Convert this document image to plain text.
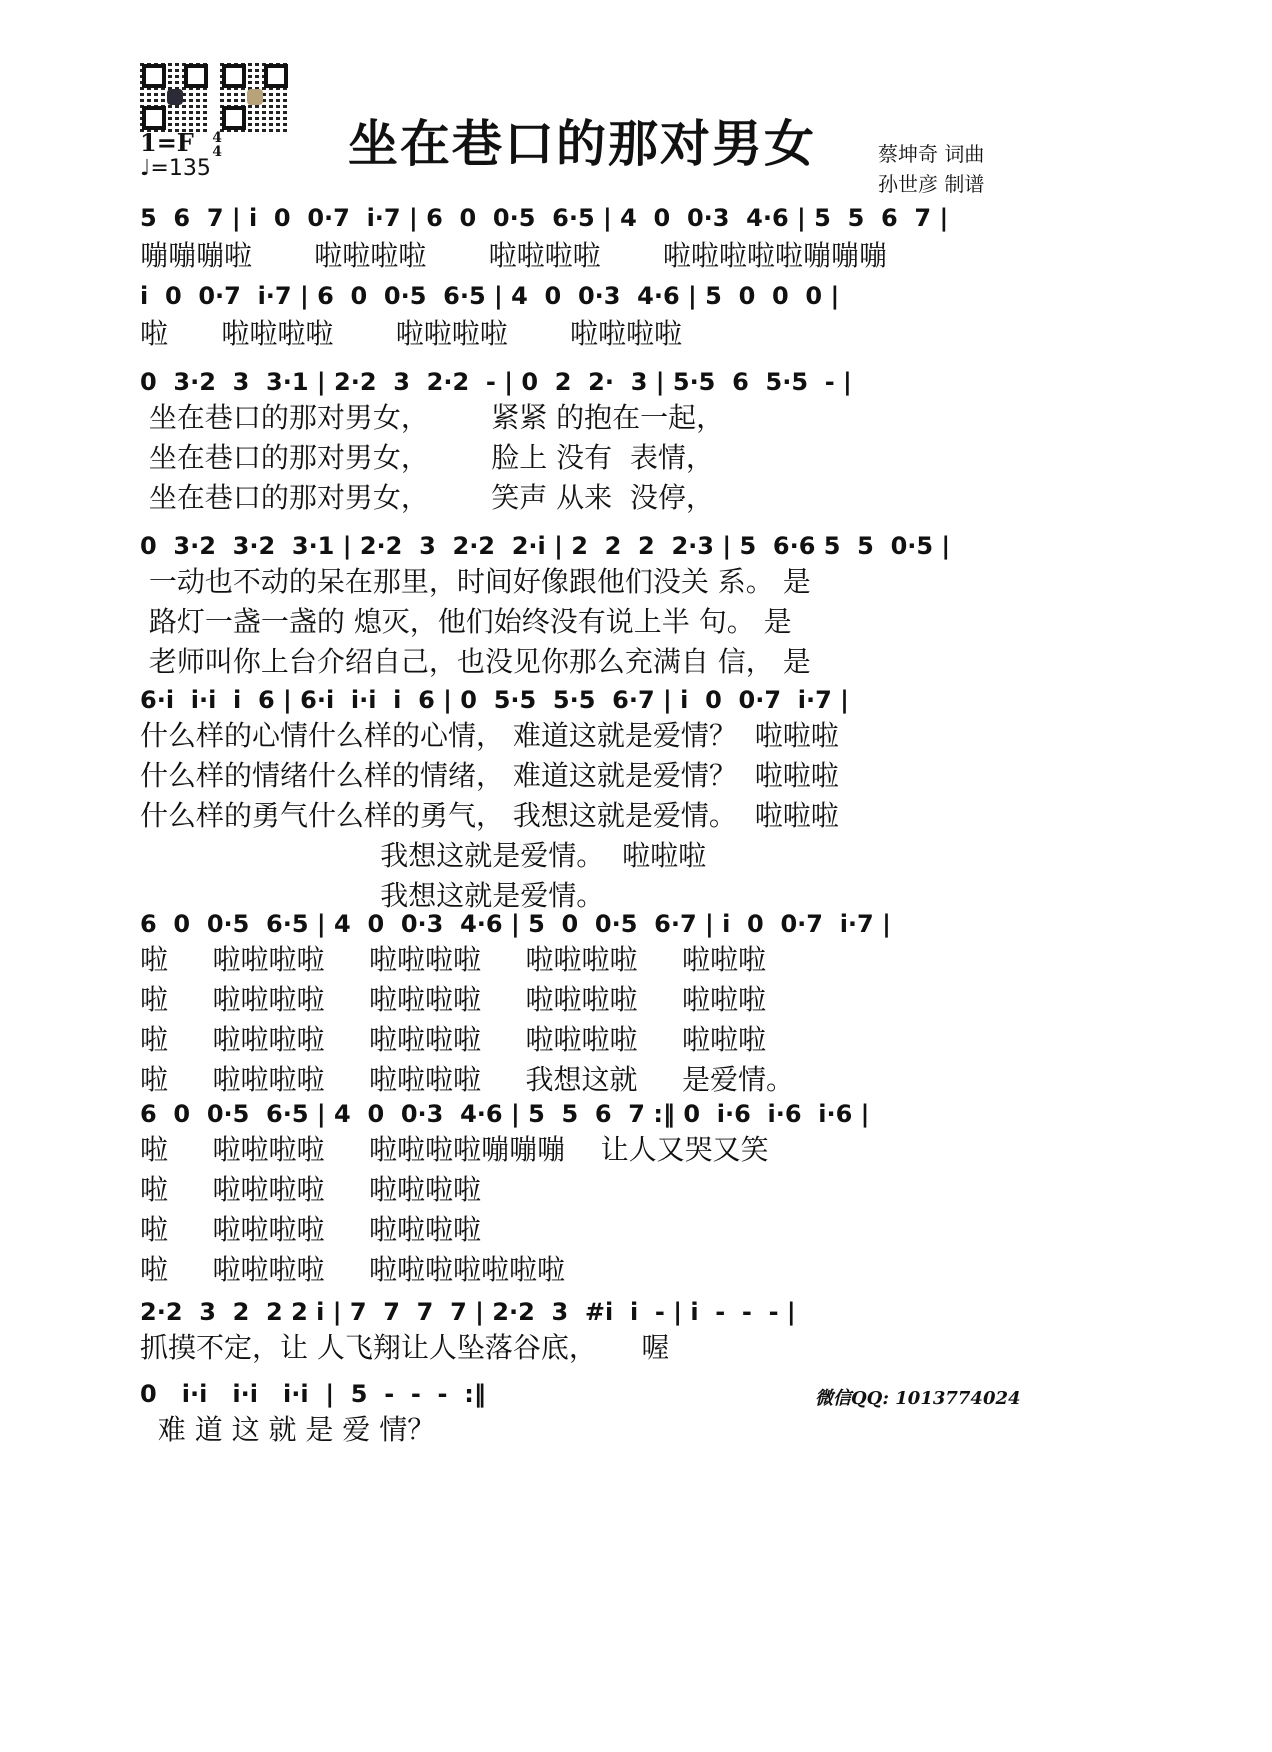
1=F 4
4
♩=135	坐在巷口的那对男女	蔡坤奇 词曲
孙世彦 制谱
5  6  7 | i  0  0·7  i·7 | 6  0  0·5  6·5 | 4  0  0·3  4·6 | 5  5  6  7 |
嘣嘣嘣啦       啦啦啦啦       啦啦啦啦       啦啦啦啦啦嘣嘣嘣
i  0  0·7  i·7 | 6  0  0·5  6·5 | 4  0  0·3  4·6 | 5  0  0  0 |
啦      啦啦啦啦       啦啦啦啦       啦啦啦啦
0  3·2  3  3·1 | 2·2  3  2·2  - | 0  2  2·  3 | 5·5  6  5·5  - |
坐在巷口的那对男女，       紧紧 的抱在一起，
坐在巷口的那对男女，       脸上 没有  表情，
坐在巷口的那对男女，       笑声 从来  没停，
0  3·2  3·2  3·1 | 2·2  3  2·2  2·i | 2  2  2  2·3 | 5  6·6 5  5  0·5 |
一动也不动的呆在那里，时间好像跟他们没关 系。 是
路灯一盏一盏的 熄灭，他们始终没有说上半 句。 是
老师叫你上台介绍自己，也没见你那么充满自 信， 是
6·i  i·i  i  6 | 6·i  i·i  i  6 | 0  5·5  5·5  6·7 | i  0  0·7  i·7 |
什么样的心情什么样的心情， 难道这就是爱情？  啦啦啦
什么样的情绪什么样的情绪， 难道这就是爱情？  啦啦啦
什么样的勇气什么样的勇气， 我想这就是爱情。  啦啦啦
我想这就是爱情。  啦啦啦
我想这就是爱情。
6  0  0·5  6·5 | 4  0  0·3  4·6 | 5  0  0·5  6·7 | i  0  0·7  i·7 |
啦     啦啦啦啦     啦啦啦啦     啦啦啦啦     啦啦啦
啦     啦啦啦啦     啦啦啦啦     啦啦啦啦     啦啦啦
啦     啦啦啦啦     啦啦啦啦     啦啦啦啦     啦啦啦
啦     啦啦啦啦     啦啦啦啦     我想这就     是爱情。
6  0  0·5  6·5 | 4  0  0·3  4·6 | 5  5  6  7 :‖ 0  i·6  i·6  i·6 |
啦     啦啦啦啦     啦啦啦啦嘣嘣嘣    让人又哭又笑
啦     啦啦啦啦     啦啦啦啦
啦     啦啦啦啦     啦啦啦啦
啦     啦啦啦啦     啦啦啦啦啦啦啦
2·2  3  2  2 2 i | 7  7  7  7 | 2·2  3  #i  i  - | i  -  -  - |
抓摸不定，让 人飞翔让人坠落谷底，     喔
0   i·i   i·i   i·i  |  5  -  -  -  :‖
难 道 这 就 是 爱 情？
微信QQ: 1013774024
